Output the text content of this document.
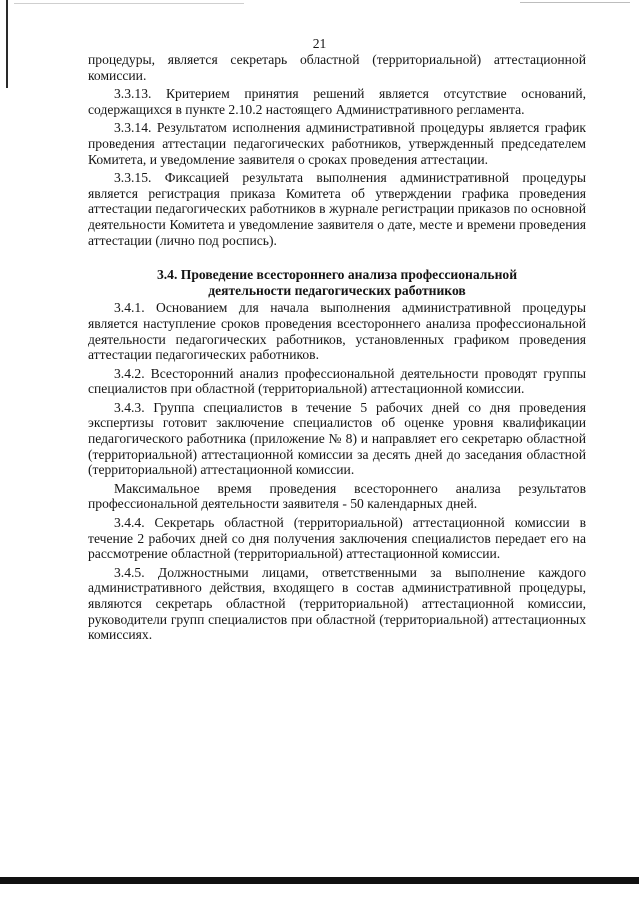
21

процедуры, является секретарь областной (территориальной) аттестационной комиссии.

3.3.13. Критерием принятия решений является отсутствие оснований, содержащихся в пункте 2.10.2 настоящего Административного регламента.

3.3.14. Результатом исполнения административной процедуры является график проведения аттестации педагогических работников, утвержденный председателем Комитета, и уведомление заявителя о сроках проведения аттестации.

3.3.15. Фиксацией результата выполнения административной процедуры является регистрация приказа Комитета об утверждении графика проведения аттестации педагогических работников в журнале регистрации приказов по основной деятельности Комитета и уведомление заявителя о дате, месте и времени проведения аттестации (лично под роспись).

3.4. Проведение всестороннего анализа профессиональной
деятельности педагогических работников

3.4.1. Основанием для начала выполнения административной процедуры является наступление сроков проведения всестороннего анализа профессиональной деятельности педагогических работников, установленных графиком проведения аттестации педагогических работников.

3.4.2. Всесторонний анализ профессиональной деятельности проводят группы специалистов при областной (территориальной) аттестационной комиссии.

3.4.3. Группа специалистов в течение 5 рабочих дней со дня проведения экспертизы готовит заключение специалистов об оценке уровня квалификации педагогического работника (приложение № 8) и направляет его секретарю областной (территориальной) аттестационной комиссии за десять дней до заседания областной (территориальной) аттестационной комиссии.

Максимальное время проведения всестороннего анализа результатов профессиональной деятельности заявителя - 50 календарных дней.

3.4.4. Секретарь областной (территориальной) аттестационной комиссии в течение 2 рабочих дней со дня получения заключения специалистов передает его на рассмотрение областной (территориальной) аттестационной комиссии.

3.4.5. Должностными лицами, ответственными за выполнение каждого административного действия, входящего в состав административной процедуры, являются секретарь областной (территориальной) аттестационной комиссии, руководители групп специалистов при областной (территориальной) аттестационных комиссиях.
